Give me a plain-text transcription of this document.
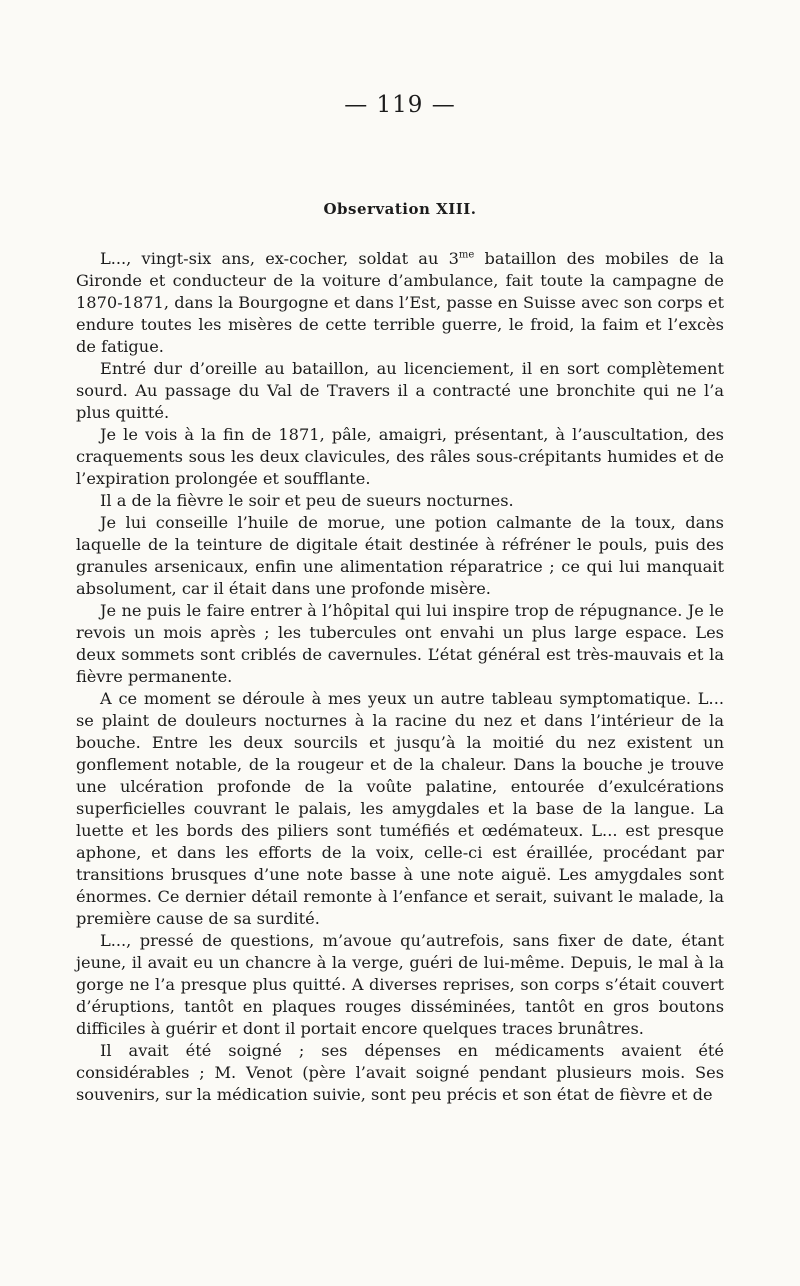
— 119 —
Observation XIII.

L..., vingt-six ans, ex-cocher, soldat au $3^{me}$ bataillon des mobiles de la Gironde et conducteur de la voiture d’ambulance, fait toute la campagne de 1870-1871, dans la Bourgogne et dans l’Est, passe en Suisse avec son corps et endure toutes les misères de cette terrible guerre, le froid, la faim et l’excès de fatigue.

Entré dur d’oreille au bataillon, au licenciement, il en sort complètement sourd. Au passage du Val de Travers il a contracté une bronchite qui ne l’a plus quitté.

Je le vois à la fin de 1871, pâle, amaigri, présentant, à l’auscultation, des craquements sous les deux clavicules, des râles sous-crépitants humides et de l’expiration prolongée et soufflante.

Il a de la fièvre le soir et peu de sueurs nocturnes.

Je lui conseille l’huile de morue, une potion calmante de la toux, dans laquelle de la teinture de digitale était destinée à réfréner le pouls, puis des granules arsenicaux, enfin une alimentation réparatrice ; ce qui lui manquait absolument, car il était dans une profonde misère.

Je ne puis le faire entrer à l’hôpital qui lui inspire trop de répugnance. Je le revois un mois après ; les tubercules ont envahi un plus large espace. Les deux sommets sont criblés de cavernules. L’état général est très-mauvais et la fièvre permanente.

A ce moment se déroule à mes yeux un autre tableau symptomatique. L... se plaint de douleurs nocturnes à la racine du nez et dans l’intérieur de la bouche. Entre les deux sourcils et jusqu’à la moitié du nez existent un gonflement notable, de la rougeur et de la chaleur. Dans la bouche je trouve une ulcération profonde de la voûte palatine, entourée d’exulcérations superficielles couvrant le palais, les amygdales et la base de la langue. La luette et les bords des piliers sont tuméfiés et œdémateux. L... est presque aphone, et dans les efforts de la voix, celle-ci est éraillée, procédant par transitions brusques d’une note basse à une note aiguë. Les amygdales sont énormes. Ce dernier détail remonte à l’enfance et serait, suivant le malade, la première cause de sa surdité.

L..., pressé de questions, m’avoue qu’autrefois, sans fixer de date, étant jeune, il avait eu un chancre à la verge, guéri de lui-même. Depuis, le mal à la gorge ne l’a presque plus quitté. A diverses reprises, son corps s’était couvert d’éruptions, tantôt en plaques rouges disséminées, tantôt en gros boutons difficiles à guérir et dont il portait encore quelques traces brunâtres.

Il avait été soigné ; ses dépenses en médicaments avaient été considérables ; M. Venot (père l’avait soigné pendant plusieurs mois. Ses souvenirs, sur la médication suivie, sont peu précis et son état de fièvre et de
